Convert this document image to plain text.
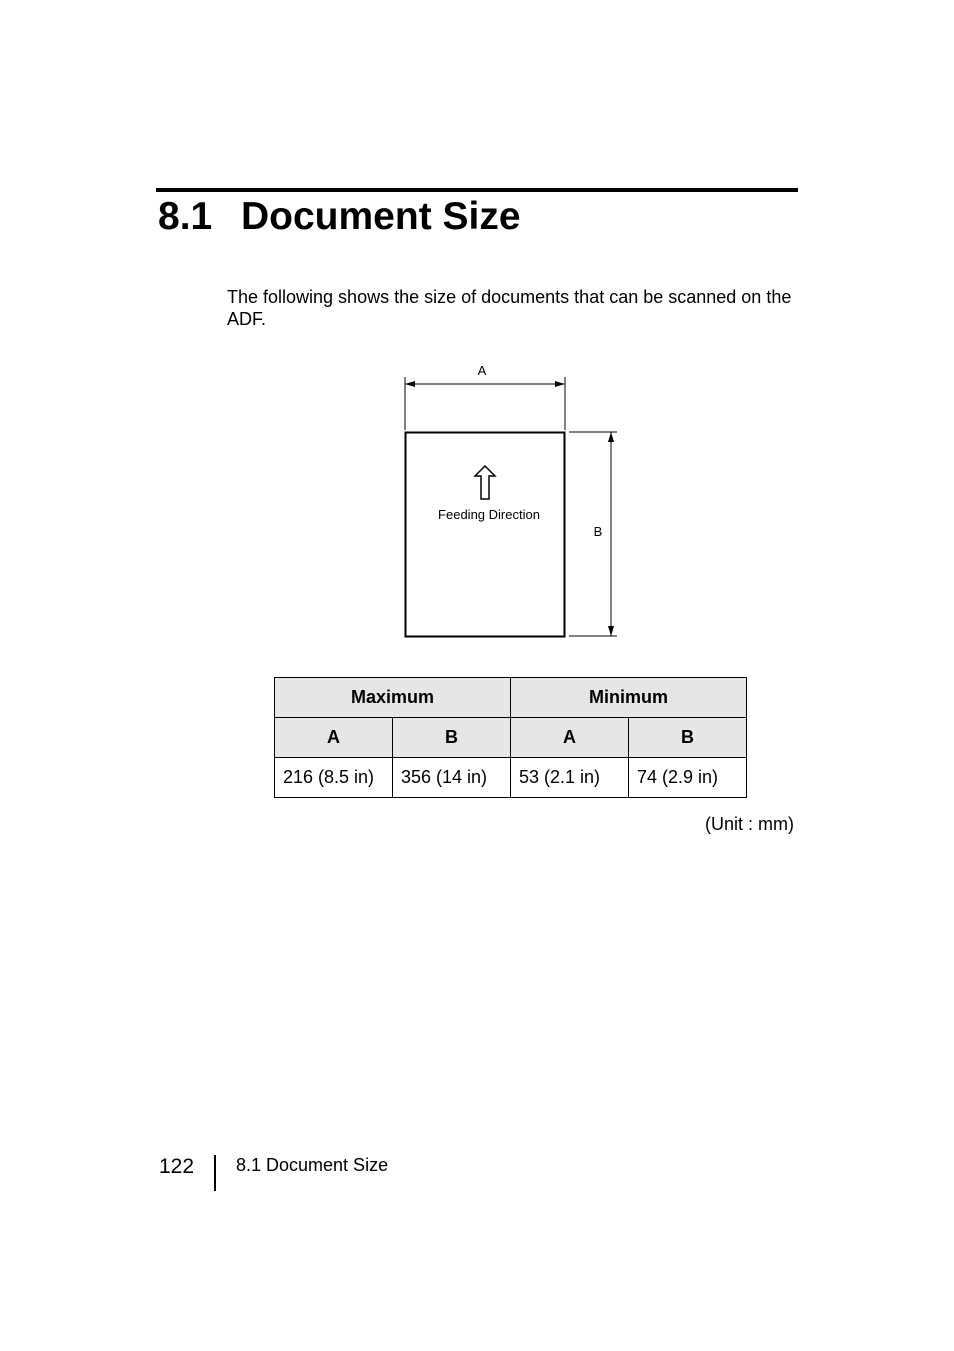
8.1 Document Size

The following shows the size of documents that can be scanned on the ADF.

A
Feeding Direction
B
Maximum		Minimum	
A	B	A	B
216 (8.5 in)	356 (14 in)	53 (2.1 in)	74 (2.9 in)
(Unit : mm)
122 8.1 Document Size
